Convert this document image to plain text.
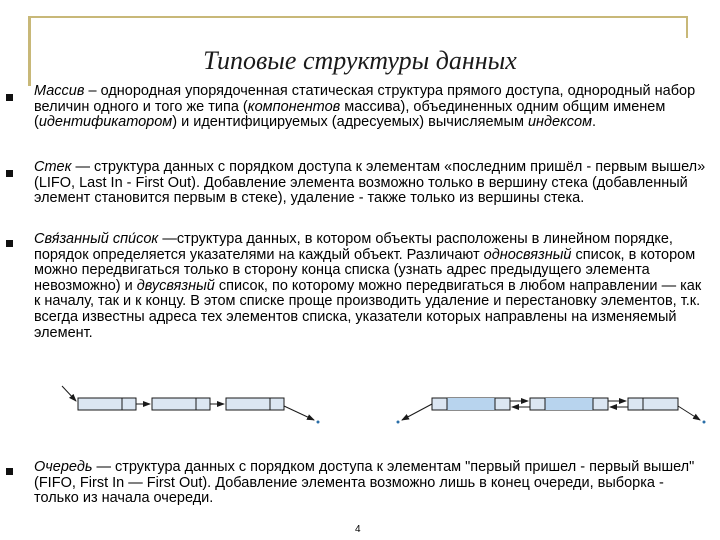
Типовые структуры данных
Массив – однородная упорядоченная статическая структура прямого доступа, однородный набор величин одного и того же типа (компонентов массива), объединенных одним общим именем (идентификатором) и идентифицируемых (адресуемых) вычисляемым индексом.
Стек — структура данных с порядком доступа к элементам «последним пришёл - первым вышел» (LIFO, Last In - First Out). Добавление элемента возможно только в вершину стека (добавленный элемент становится первым в стеке), удаление - также только из вершины стека.
Свя́занный спи́сок —структура данных, в котором объекты расположены в линейном порядке, порядок определяется указателями на каждый объект. Различают односвязный список, в котором можно передвигаться только в сторону конца списка (узнать адрес предыдущего элемента невозможно) и двусвязный список, по которому можно передвигаться в любом направлении — как к началу, так и к концу. В этом списке проще производить удаление и перестановку элементов, т.к. всегда известны адреса тех элементов списка, указатели которых направлены на изменяемый элемент.
Очередь — структура данных с порядком доступа к элементам "первый пришел - первый вышел" (FIFO, First In — First Out). Добавление элемента возможно лишь в конец очереди, выборка - только из начала очереди.
4
